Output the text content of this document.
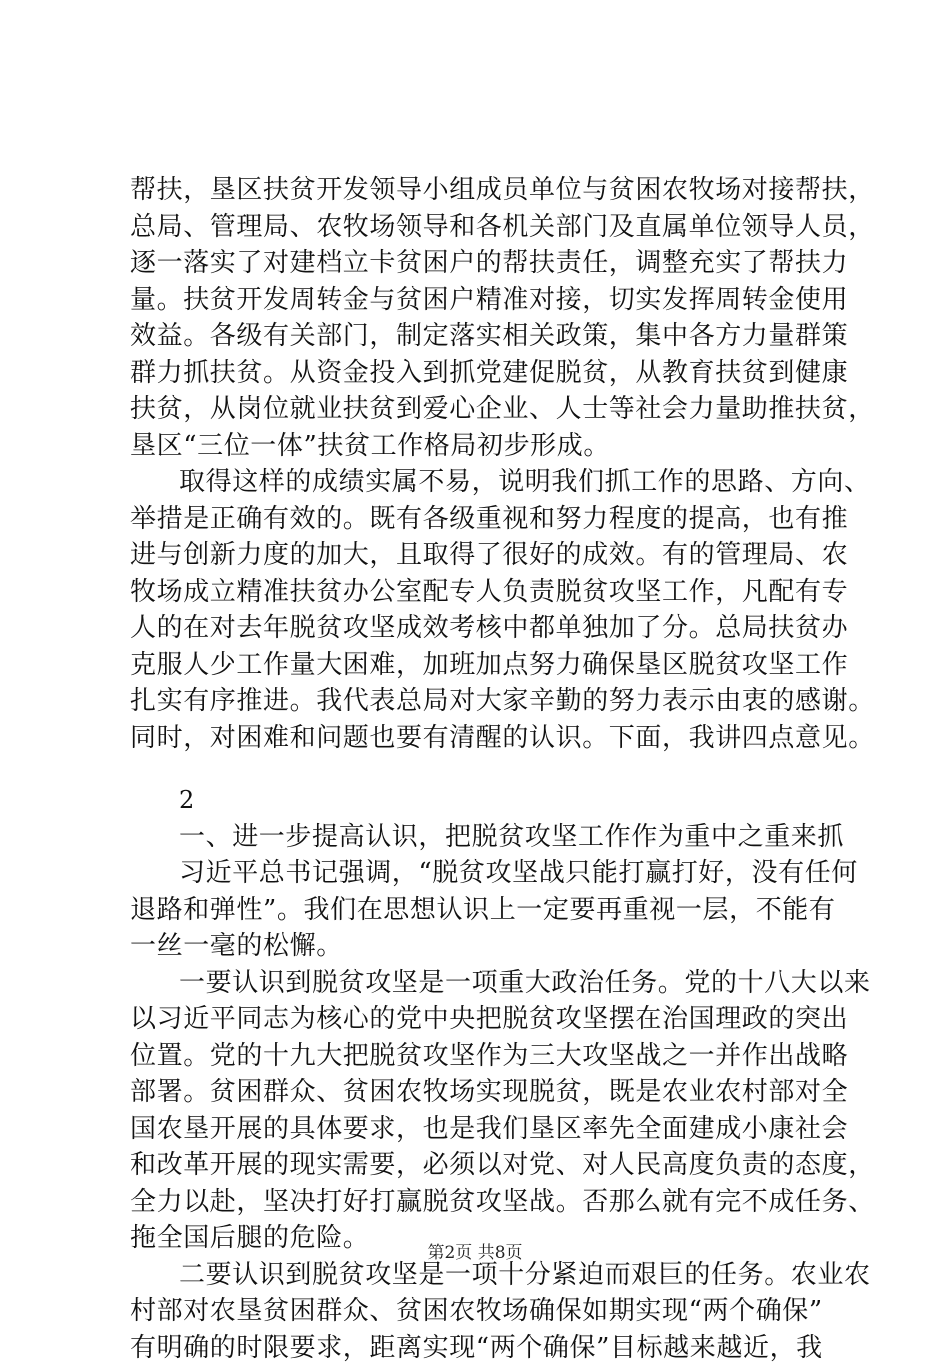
帮扶，垦区扶贫开发领导小组成员单位与贫困农牧场对接帮扶，
总局、管理局、农牧场领导和各机关部门及直属单位领导人员，
逐一落实了对建档立卡贫困户的帮扶责任，调整充实了帮扶力
量。扶贫开发周转金与贫困户精准对接，切实发挥周转金使用
效益。各级有关部门，制定落实相关政策，集中各方力量群策
群力抓扶贫。从资金投入到抓党建促脱贫，从教育扶贫到健康
扶贫，从岗位就业扶贫到爱心企业、人士等社会力量助推扶贫，
垦区“三位一体”扶贫工作格局初步形成。
取得这样的成绩实属不易，说明我们抓工作的思路、方向、
举措是正确有效的。既有各级重视和努力程度的提高，也有推
进与创新力度的加大，且取得了很好的成效。有的管理局、农
牧场成立精准扶贫办公室配专人负责脱贫攻坚工作，凡配有专
人的在对去年脱贫攻坚成效考核中都单独加了分。总局扶贫办
克服人少工作量大困难，加班加点努力确保垦区脱贫攻坚工作
扎实有序推进。我代表总局对大家辛勤的努力表示由衷的感谢。
同时，对困难和问题也要有清醒的认识。下面，我讲四点意见。
2
一、进一步提高认识，把脱贫攻坚工作作为重中之重来抓
习近平总书记强调，“脱贫攻坚战只能打赢打好，没有任何
退路和弹性”。我们在思想认识上一定要再重视一层，不能有
一丝一毫的松懈。
一要认识到脱贫攻坚是一项重大政治任务。党的十八大以来
以习近平同志为核心的党中央把脱贫攻坚摆在治国理政的突出
位置。党的十九大把脱贫攻坚作为三大攻坚战之一并作出战略
部署。贫困群众、贫困农牧场实现脱贫，既是农业农村部对全
国农垦开展的具体要求，也是我们垦区率先全面建成小康社会
和改革开展的现实需要，必须以对党、对人民高度负责的态度，
全力以赴，坚决打好打赢脱贫攻坚战。否那么就有完不成任务、
拖全国后腿的危险。
二要认识到脱贫攻坚是一项十分紧迫而艰巨的任务。农业农
村部对农垦贫困群众、贫困农牧场确保如期实现“两个确保”
有明确的时限要求，距离实现“两个确保”目标越来越近，我
第2页 共8页
